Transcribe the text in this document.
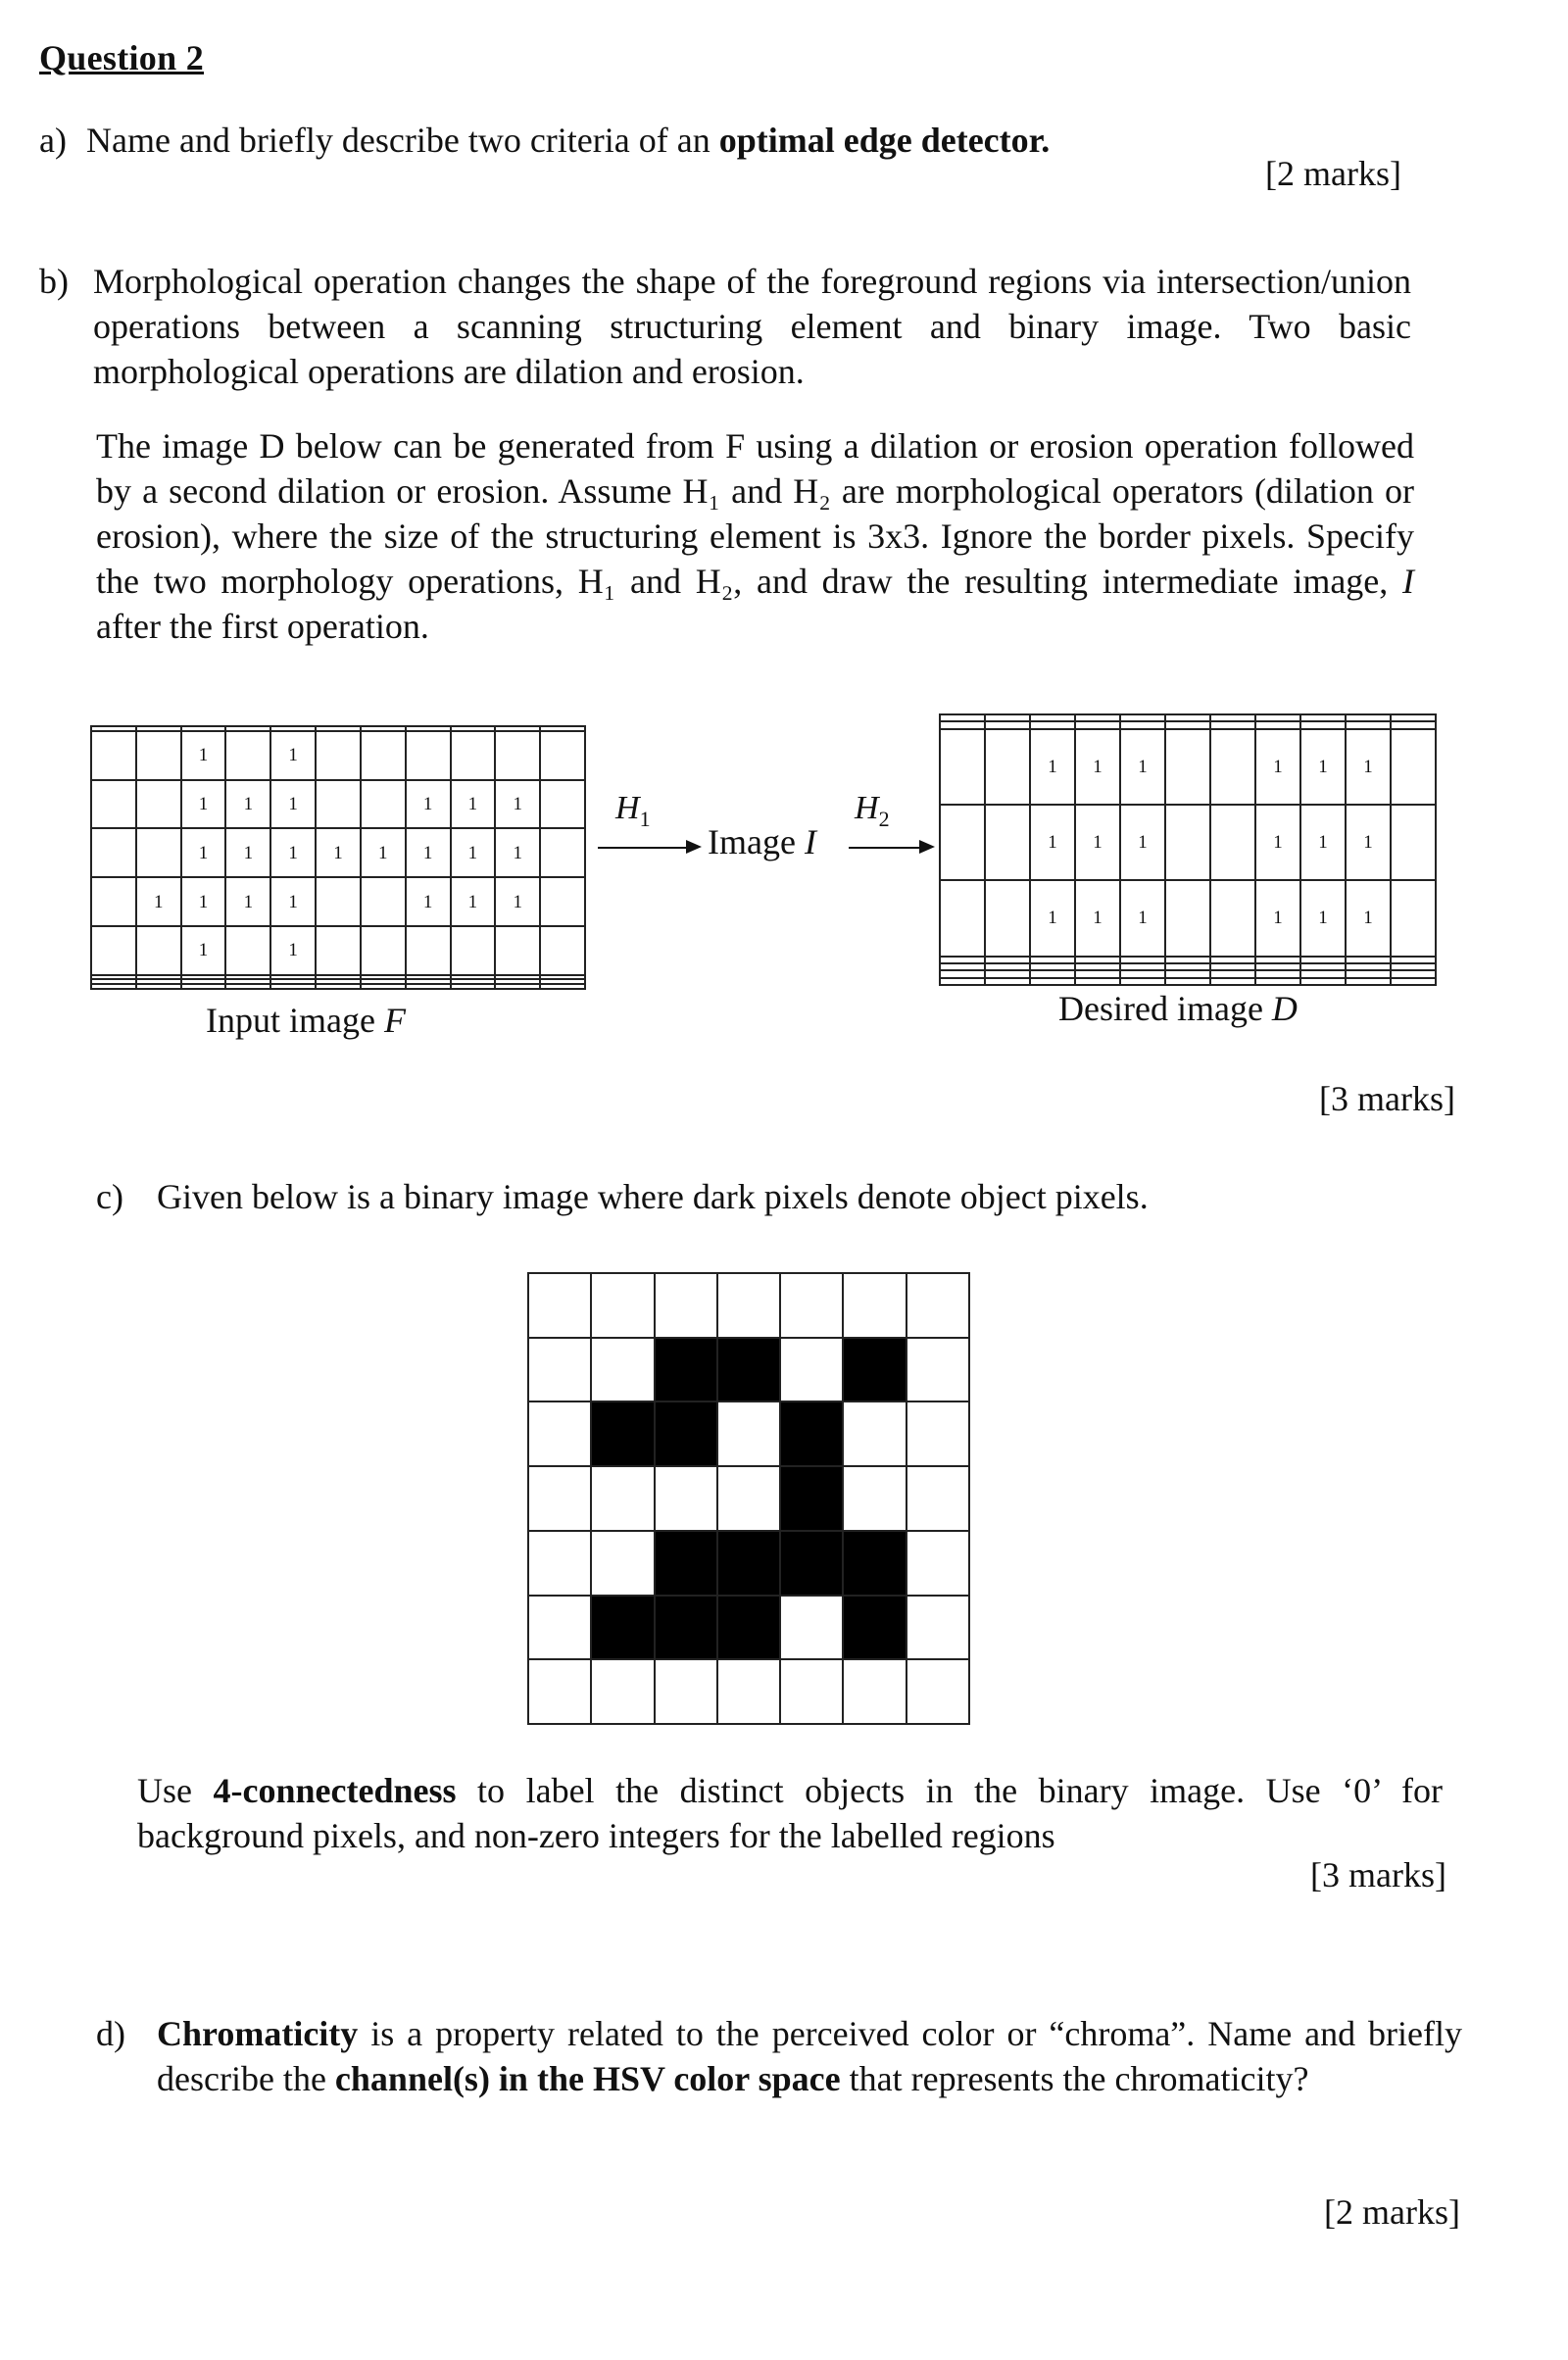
Question 2
a) Name and briefly describe two criteria of an optimal edge detector.
[2 marks]
b) Morphological operation changes the shape of the foreground regions via intersection/union operations between a scanning structuring element and binary image. Two basic morphological operations are dilation and erosion.
The image D below can be generated from F using a dilation or erosion operation followed by a second dilation or erosion. Assume H₁ and H₂ are morphological operators (dilation or erosion), where the size of the structuring element is 3x3. Ignore the border pixels. Specify the two morphology operations, H₁ and H₂, and draw the resulting intermediate image, I after the first operation.

		1		1						
		1	1	1			1	1	1	
		1	1	1	1	1	1	1	1	
	1	1	1	1			1	1	1	
		1		1						

Input image F
$H_1$
Image I
$H_2$

		1	1	1			1	1	1	
		1	1	1			1	1	1	
		1	1	1			1	1	1	

Desired image D
[3 marks]
c) Given below is a binary image where dark pixels denote object pixels.

Use 4-connectedness to label the distinct objects in the binary image. Use ‘0’ for background pixels, and non-zero integers for the labelled regions
[3 marks]
d) Chromaticity is a property related to the perceived color or “chroma”. Name and briefly describe the channel(s) in the HSV color space that represents the chromaticity?
[2 marks]
